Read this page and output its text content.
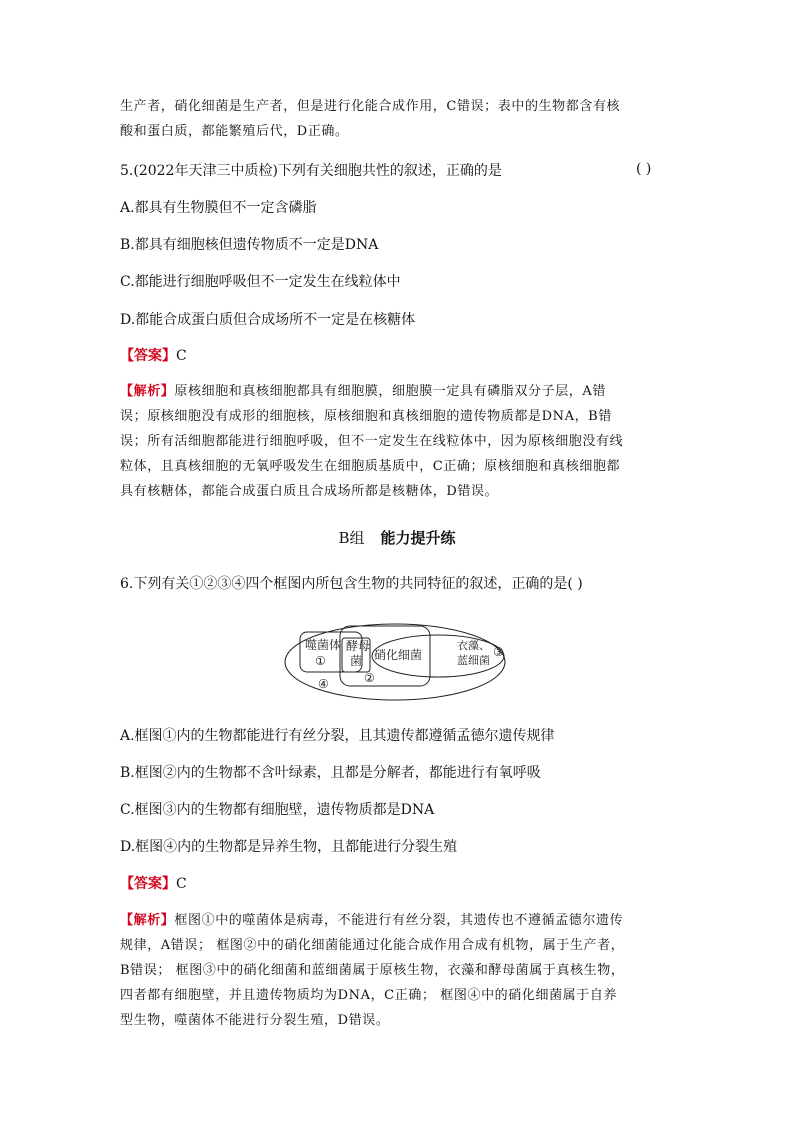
生产者，硝化细菌是生产者，但是进行化能合成作用，C错误；表中的生物都含有核
酸和蛋白质，都能繁殖后代，D正确。
5.(2022年天津三中质检)下列有关细胞共性的叙述，正确的是	( )
A.都具有生物膜但不一定含磷脂
B.都具有细胞核但遗传物质不一定是DNA
C.都能进行细胞呼吸但不一定发生在线粒体中
D.都能合成蛋白质但合成场所不一定是在核糖体
【答案】C
【解析】原核细胞和真核细胞都具有细胞膜，细胞膜一定具有磷脂双分子层，A错
误；原核细胞没有成形的细胞核，原核细胞和真核细胞的遗传物质都是DNA，B错
误；所有活细胞都能进行细胞呼吸，但不一定发生在线粒体中，因为原核细胞没有线
粒体，且真核细胞的无氧呼吸发生在细胞质基质中，C正确；原核细胞和真核细胞都
具有核糖体，都能合成蛋白质且合成场所都是核糖体，D错误。
B组 能力提升练
6.下列有关①②③④四个框图内所包含生物的共同特征的叙述，正确的是( )
噬菌体
①
酵母
菌 硝化细菌
衣藻、
蓝细菌
②
③
④
A.框图①内的生物都能进行有丝分裂，且其遗传都遵循孟德尔遗传规律
B.框图②内的生物都不含叶绿素，且都是分解者，都能进行有氧呼吸
C.框图③内的生物都有细胞壁，遗传物质都是DNA
D.框图④内的生物都是异养生物，且都能进行分裂生殖
【答案】C
【解析】框图①中的噬菌体是病毒，不能进行有丝分裂，其遗传也不遵循孟德尔遗传
规律，A错误； 框图②中的硝化细菌能通过化能合成作用合成有机物，属于生产者，
B错误； 框图③中的硝化细菌和蓝细菌属于原核生物，衣藻和酵母菌属于真核生物，
四者都有细胞壁，并且遗传物质均为DNA，C正确； 框图④中的硝化细菌属于自养
型生物，噬菌体不能进行分裂生殖，D错误。
